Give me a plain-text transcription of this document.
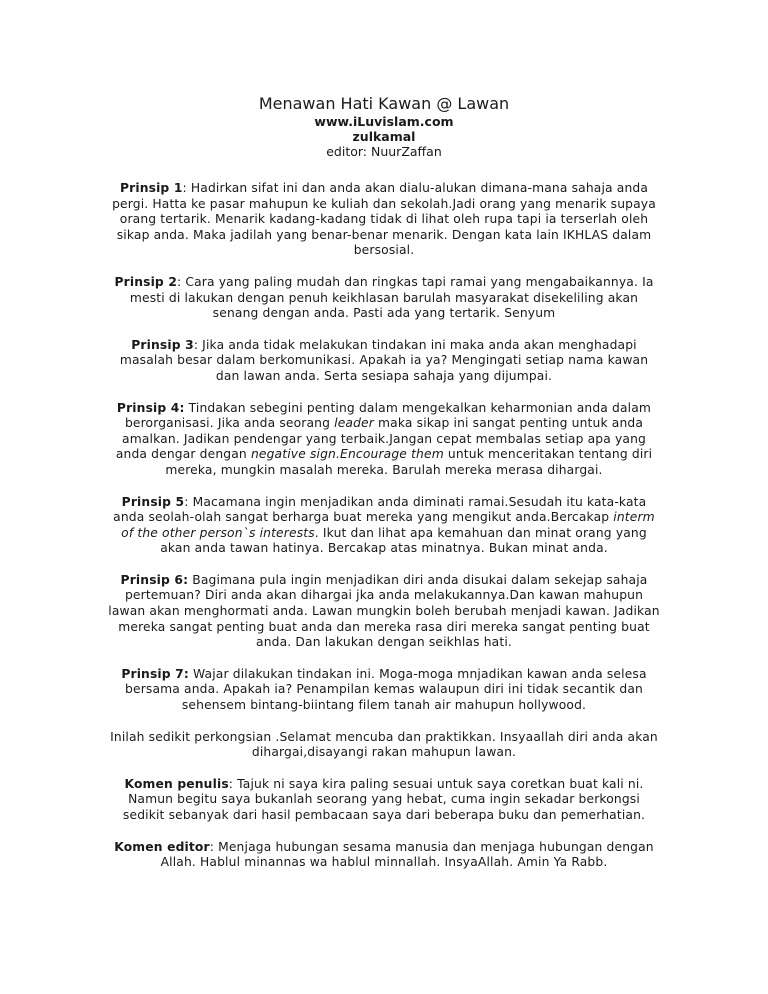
Menawan Hati Kawan @ Lawan

www.iLuvislam.com

zulkamal

editor: NuurZaffan

Prinsip 1: Hadirkan sifat ini dan anda akan dialu-alukan dimana-mana sahaja anda pergi. Hatta ke pasar mahupun ke kuliah dan sekolah.Jadi orang yang menarik supaya orang tertarik. Menarik kadang-kadang tidak di lihat oleh rupa tapi ia terserlah oleh sikap anda. Maka jadilah yang benar-benar menarik. Dengan kata lain IKHLAS dalam bersosial.

Prinsip 2: Cara yang paling mudah dan ringkas tapi ramai yang mengabaikannya. Ia mesti di lakukan dengan penuh keikhlasan barulah masyarakat disekeliling akan senang dengan anda. Pasti ada yang tertarik. Senyum

Prinsip 3: Jika anda tidak melakukan tindakan ini maka anda akan menghadapi masalah besar dalam berkomunikasi. Apakah ia ya? Mengingati setiap nama kawan dan lawan anda. Serta sesiapa sahaja yang dijumpai.

Prinsip 4: Tindakan sebegini penting dalam mengekalkan keharmonian anda dalam berorganisasi. Jika anda seorang leader maka sikap ini sangat penting untuk anda amalkan. Jadikan pendengar yang terbaik.Jangan cepat membalas setiap apa yang anda dengar dengan negative sign.Encourage them untuk menceritakan tentang diri mereka, mungkin masalah mereka. Barulah mereka merasa dihargai.

Prinsip 5: Macamana ingin menjadikan anda diminati ramai.Sesudah itu kata-kata anda seolah-olah sangat berharga buat mereka yang mengikut anda.Bercakap interm of the other person`s interests. Ikut dan lihat apa kemahuan dan minat orang yang akan anda tawan hatinya. Bercakap atas minatnya. Bukan minat anda.

Prinsip 6: Bagimana pula ingin menjadikan diri anda disukai dalam sekejap sahaja pertemuan? Diri anda akan dihargai jka anda melakukannya.Dan kawan mahupun lawan akan menghormati anda. Lawan mungkin boleh berubah menjadi kawan. Jadikan mereka sangat penting buat anda dan mereka rasa diri mereka sangat penting buat anda. Dan lakukan dengan seikhlas hati.

Prinsip 7: Wajar dilakukan tindakan ini. Moga-moga mnjadikan kawan anda selesa bersama anda. Apakah ia? Penampilan kemas walaupun diri ini tidak secantik dan sehensem bintang-biintang filem tanah air mahupun hollywood.

Inilah sedikit perkongsian .Selamat mencuba dan praktikkan. Insyaallah diri anda akan dihargai,disayangi rakan mahupun lawan.

Komen penulis: Tajuk ni saya kira paling sesuai untuk saya coretkan buat kali ni. Namun begitu saya bukanlah seorang yang hebat, cuma ingin sekadar berkongsi sedikit sebanyak dari hasil pembacaan saya dari beberapa buku dan pemerhatian.

Komen editor: Menjaga hubungan sesama manusia dan menjaga hubungan dengan Allah. Hablul minannas wa hablul minnallah. InsyaAllah. Amin Ya Rabb.
